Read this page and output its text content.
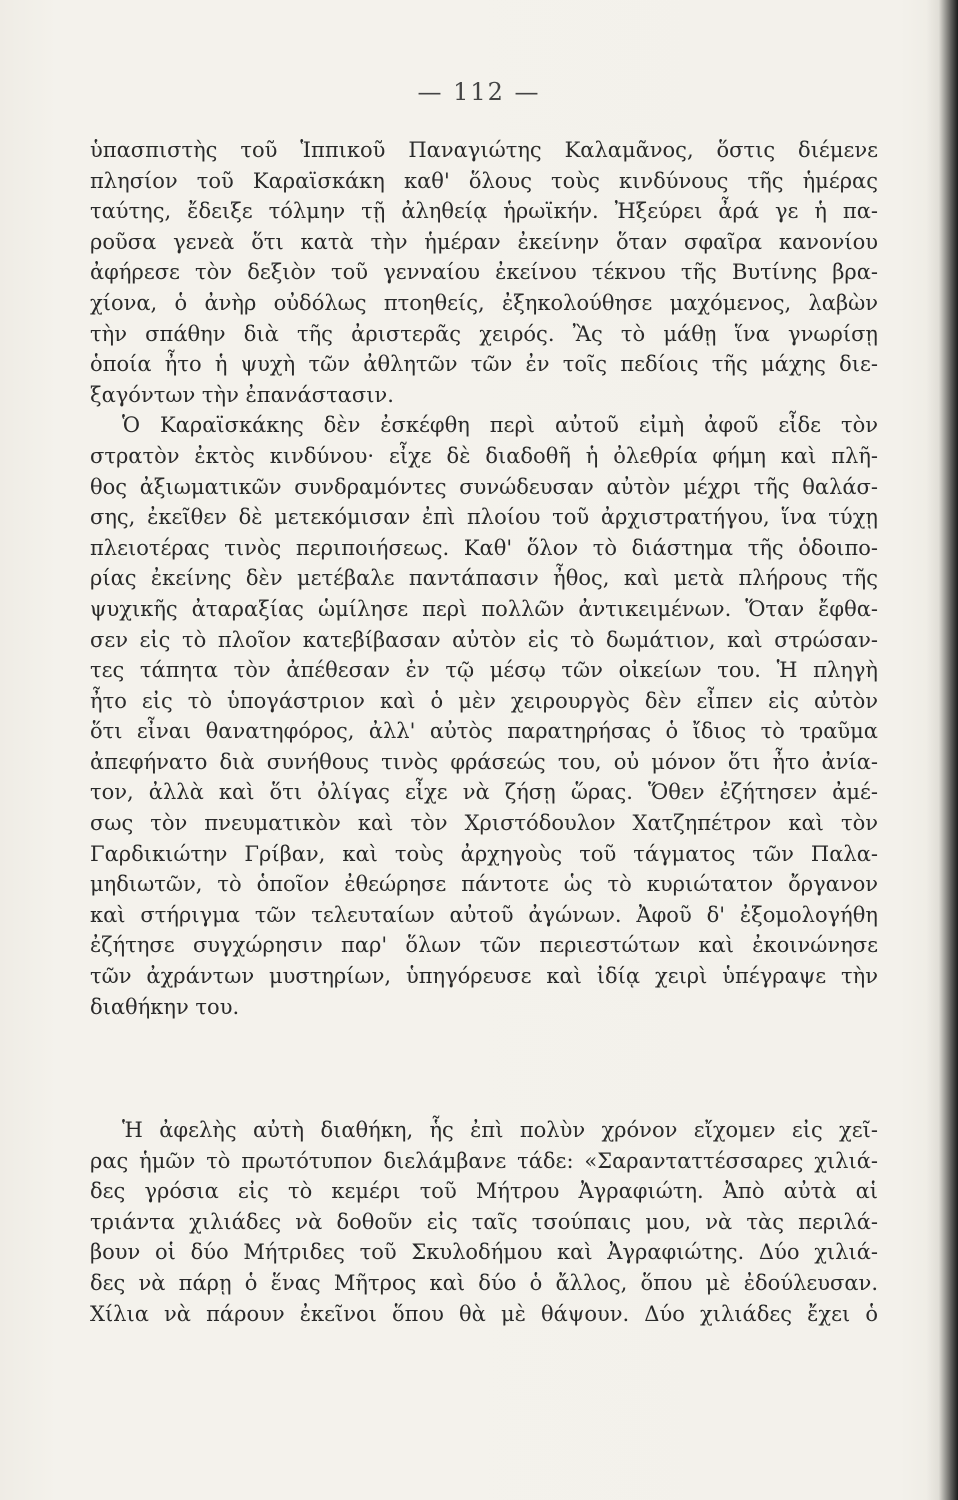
— 112 —
ὑπασπιστὴς τοῦ Ἱππικοῦ Παναγιώτης Καλαμᾶνος, ὅστις διέμενε
πλησίον τοῦ Καραϊσκάκη καθ' ὅλους τοὺς κινδύνους τῆς ἡμέρας
ταύτης, ἔδειξε τόλμην τῇ ἀληθείᾳ ἡρωϊκήν. Ἠξεύρει ἆρά γε ἡ πα-
ροῦσα γενεὰ ὅτι κατὰ τὴν ἡμέραν ἐκείνην ὅταν σφαῖρα κανονίου
ἀφήρεσε τὸν δεξιὸν τοῦ γενναίου ἐκείνου τέκνου τῆς Βυτίνης βρα-
χίονα, ὁ ἀνὴρ οὐδόλως πτοηθείς, ἐξηκολούθησε μαχόμενος, λαβὼν
τὴν σπάθην διὰ τῆς ἀριστερᾶς χειρός. Ἂς τὸ μάθῃ ἵνα γνωρίσῃ
ὁποία ἦτο ἡ ψυχὴ τῶν ἀθλητῶν τῶν ἐν τοῖς πεδίοις τῆς μάχης διε-
ξαγόντων τὴν ἐπανάστασιν.
Ὁ Καραϊσκάκης δὲν ἐσκέφθη περὶ αὐτοῦ εἰμὴ ἀφοῦ εἶδε τὸν
στρατὸν ἐκτὸς κινδύνου· εἶχε δὲ διαδοθῆ ἡ ὀλεθρία φήμη καὶ πλῆ-
θος ἀξιωματικῶν συνδραμόντες συνώδευσαν αὐτὸν μέχρι τῆς θαλάσ-
σης, ἐκεῖθεν δὲ μετεκόμισαν ἐπὶ πλοίου τοῦ ἀρχιστρατήγου, ἵνα τύχῃ
πλειοτέρας τινὸς περιποιήσεως. Καθ' ὅλον τὸ διάστημα τῆς ὁδοιπο-
ρίας ἐκείνης δὲν μετέβαλε παντάπασιν ἦθος, καὶ μετὰ πλήρους τῆς
ψυχικῆς ἀταραξίας ὡμίλησε περὶ πολλῶν ἀντικειμένων. Ὅταν ἔφθα-
σεν εἰς τὸ πλοῖον κατεβίβασαν αὐτὸν εἰς τὸ δωμάτιον, καὶ στρώσαν-
τες τάπητα τὸν ἀπέθεσαν ἐν τῷ μέσῳ τῶν οἰκείων του. Ἡ πληγὴ
ἦτο εἰς τὸ ὑπογάστριον καὶ ὁ μὲν χειρουργὸς δὲν εἶπεν εἰς αὐτὸν
ὅτι εἶναι θανατηφόρος, ἀλλ' αὐτὸς παρατηρήσας ὁ ἴδιος τὸ τραῦμα
ἀπεφήνατο διὰ συνήθους τινὸς φράσεώς του, οὐ μόνον ὅτι ἦτο ἀνία-
τον, ἀλλὰ καὶ ὅτι ὀλίγας εἶχε νὰ ζήσῃ ὥρας. Ὅθεν ἐζήτησεν ἀμέ-
σως τὸν πνευματικὸν καὶ τὸν Χριστόδουλον Χατζηπέτρον καὶ τὸν
Γαρδικιώτην Γρίβαν, καὶ τοὺς ἀρχηγοὺς τοῦ τάγματος τῶν Παλα-
μηδιωτῶν, τὸ ὁποῖον ἐθεώρησε πάντοτε ὡς τὸ κυριώτατον ὄργανον
καὶ στήριγμα τῶν τελευταίων αὐτοῦ ἀγώνων. Ἀφοῦ δ' ἐξομολογήθη
ἐζήτησε συγχώρησιν παρ' ὅλων τῶν περιεστώτων καὶ ἐκοινώνησε
τῶν ἀχράντων μυστηρίων, ὑπηγόρευσε καὶ ἰδίᾳ χειρὶ ὑπέγραψε τὴν
διαθήκην του.
Ἡ ἀφελὴς αὐτὴ διαθήκη, ἧς ἐπὶ πολὺν χρόνον εἴχομεν εἰς χεῖ-
ρας ἡμῶν τὸ πρωτότυπον διελάμβανε τάδε: «Σαρανταττέσσαρες χιλιά-
δες γρόσια εἰς τὸ κεμέρι τοῦ Μήτρου Ἀγραφιώτη. Ἀπὸ αὐτὰ αἱ
τριάντα χιλιάδες νὰ δοθοῦν εἰς ταῖς τσούπαις μου, νὰ τὰς περιλά-
βουν οἱ δύο Μήτριδες τοῦ Σκυλοδήμου καὶ Ἀγραφιώτης. Δύο χιλιά-
δες νὰ πάρῃ ὁ ἕνας Μῆτρος καὶ δύο ὁ ἄλλος, ὅπου μὲ ἐδούλευσαν.
Χίλια νὰ πάρουν ἐκεῖνοι ὅπου θὰ μὲ θάψουν. Δύο χιλιάδες ἔχει ὁ
